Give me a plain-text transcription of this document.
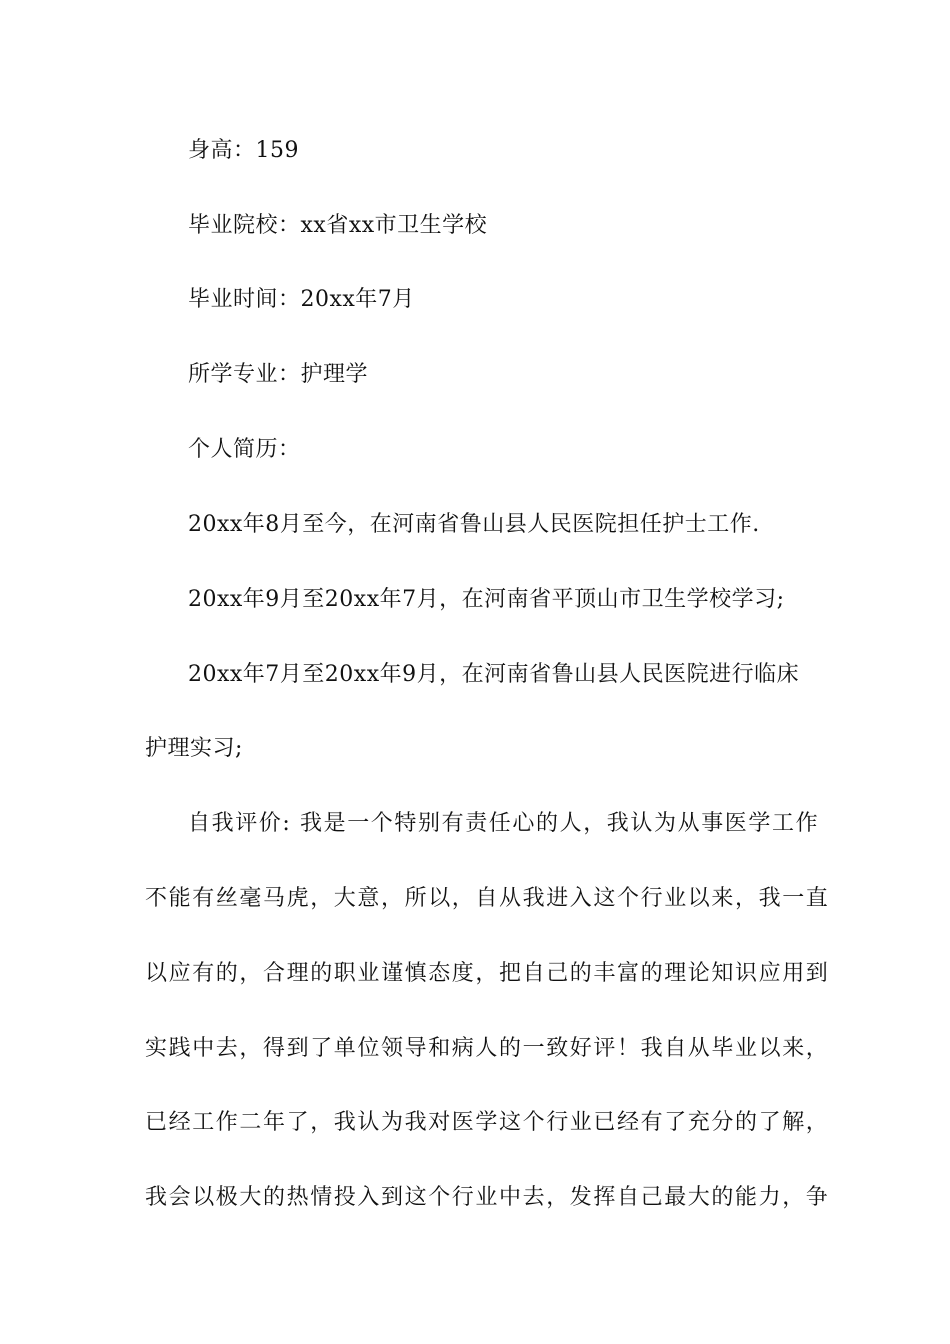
身高：159
毕业院校：xx省xx市卫生学校
毕业时间：20xx年7月
所学专业：护理学
个人简历：
20xx年8月至今，在河南省鲁山县人民医院担任护士工作.
20xx年9月至20xx年7月，在河南省平顶山市卫生学校学习;
20xx年7月至20xx年9月，在河南省鲁山县人民医院进行临床
护理实习;
自我评价: 我是一个特别有责任心的人，我认为从事医学工作
不能有丝毫马虎，大意，所以，自从我进入这个行业以来，我一直
以应有的，合理的职业谨慎态度，把自己的丰富的理论知识应用到
实践中去，得到了单位领导和病人的一致好评！我自从毕业以来，
已经工作二年了，我认为我对医学这个行业已经有了充分的了解，
我会以极大的热情投入到这个行业中去，发挥自己最大的能力，争
